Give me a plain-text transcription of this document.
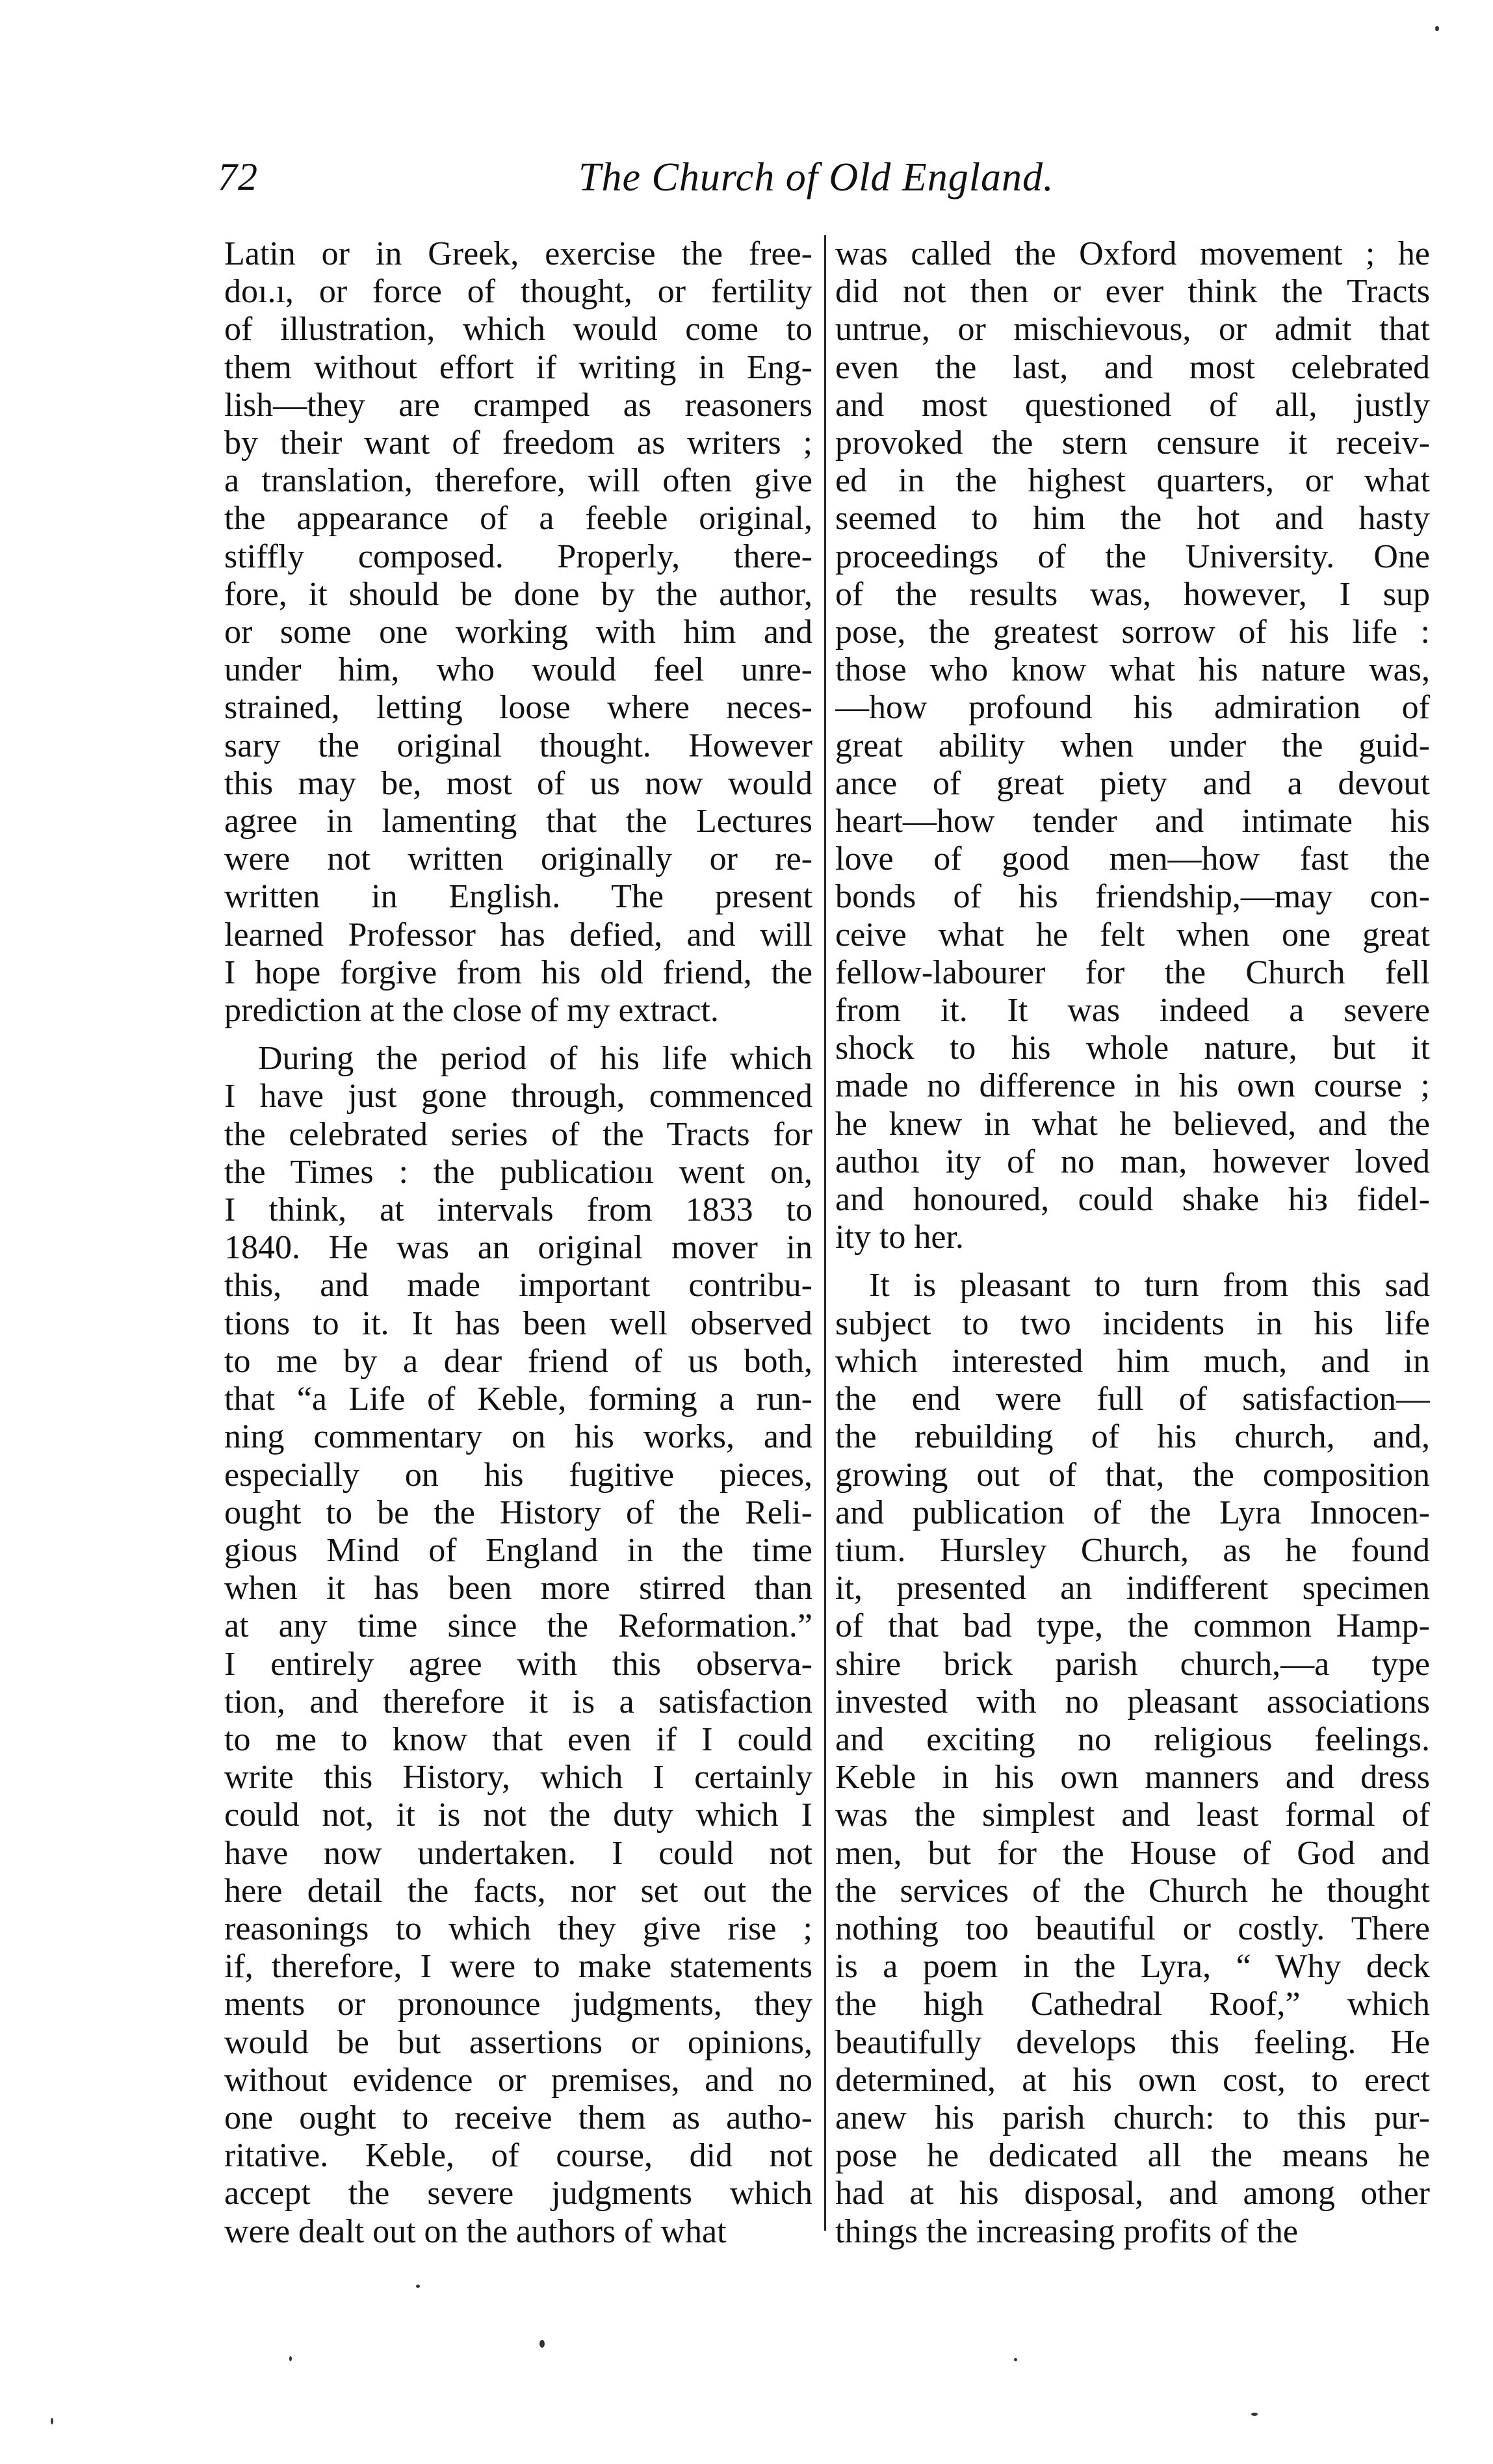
72	The Church of Old England.
Latin or in Greek, exercise the free-
doı.ı, or force of thought, or fertility
of illustration, which would come to
them without effort if writing in Eng-
lish—they are cramped as reasoners
by their want of freedom as writers ;
a translation, therefore, will often give
the appearance of a feeble original,
stiffly composed. Properly, there-
fore, it should be done by the author,
or some one working with him and
under him, who would feel unre-
strained, letting loose where neces-
sary the original thought. However
this may be, most of us now would
agree in lamenting that the Lectures
were not written originally or re-
written in English. The present
learned Professor has defied, and will
I hope forgive from his old friend, the
prediction at the close of my extract.
During the period of his life which
I have just gone through, commenced
the celebrated series of the Tracts for
the Times : the publicatioıı went on,
I think, at intervals from 1833 to
1840. He was an original mover in
this, and made important contribu-
tions to it. It has been well observed
to me by a dear friend of us both,
that “a Life of Keble, forming a run-
ning commentary on his works, and
especially on his fugitive pieces,
ought to be the History of the Reli-
gious Mind of England in the time
when it has been more stirred than
at any time since the Reformation.”
I entirely agree with this observa-
tion, and therefore it is a satisfaction
to me to know that even if I could
write this History, which I certainly
could not, it is not the duty which I
have now undertaken. I could not
here detail the facts, nor set out the
reasonings to which they give rise ;
if, therefore, I were to make statements
ments or pronounce judgments, they
would be but assertions or opinions,
without evidence or premises, and no
one ought to receive them as autho-
ritative. Keble, of course, did not
accept the severe judgments which
were dealt out on the authors of what
was called the Oxford movement ; he
did not then or ever think the Tracts
untrue, or mischievous, or admit that
even the last, and most celebrated
and most questioned of all, justly
provoked the stern censure it receiv-
ed in the highest quarters, or what
seemed to him the hot and hasty
proceedings of the University. One
of the results was, however, I sup
pose, the greatest sorrow of his life :
those who know what his nature was,
—how profound his admiration of
great ability when under the guid-
ance of great piety and a devout
heart—how tender and intimate his
love of good men—how fast the
bonds of his friendship,—may con-
ceive what he felt when one great
fellow-labourer for the Church fell
from it. It was indeed a severe
shock to his whole nature, but it
made no difference in his own course ;
he knew in what he believed, and the
authoı ity of no man, however loved
and honoured, could shake hiз fidel-
ity to her.
It is pleasant to turn from this sad
subject to two incidents in his life
which interested him much, and in
the end were full of satisfaction—
the rebuilding of his church, and,
growing out of that, the composition
and publication of the Lyra Innocen-
tium. Hursley Church, as he found
it, presented an indifferent specimen
of that bad type, the common Hamp-
shire brick parish church,—a type
invested with no pleasant associations
and exciting no religious feelings.
Keble in his own manners and dress
was the simplest and least formal of
men, but for the House of God and
the services of the Church he thought
nothing too beautiful or costly. There
is a poem in the Lyra, “ Why deck
the high Cathedral Roof,” which
beautifully develops this feeling. He
determined, at his own cost, to erect
anew his parish church: to this pur-
pose he dedicated all the means he
had at his disposal, and among other
things the increasing profits of the
